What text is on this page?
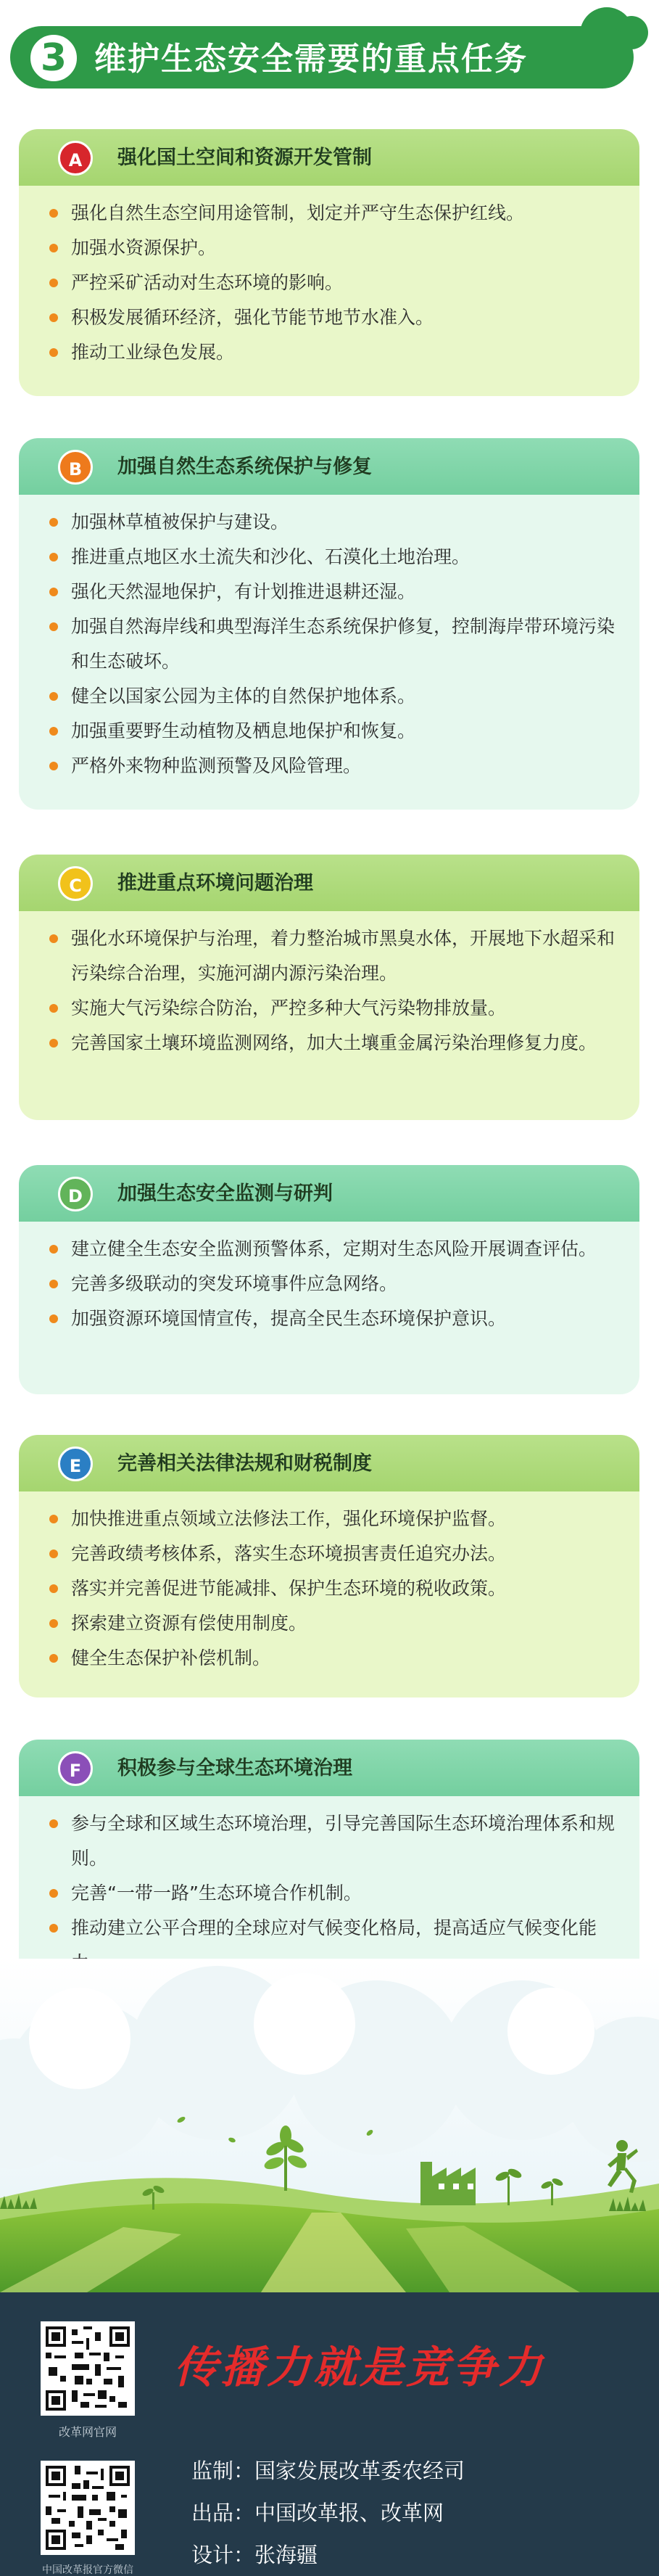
3 维护生态安全需要的重点任务
A	强化国土空间和资源开发管制
强化自然生态空间用途管制，划定并严守生态保护红线。
加强水资源保护。
严控采矿活动对生态环境的影响。
积极发展循环经济，强化节能节地节水准入。
推动工业绿色发展。
B	加强自然生态系统保护与修复
加强林草植被保护与建设。
推进重点地区水土流失和沙化、石漠化土地治理。
强化天然湿地保护，有计划推进退耕还湿。
加强自然海岸线和典型海洋生态系统保护修复，控制海岸带环境污染和生态破坏。
健全以国家公园为主体的自然保护地体系。
加强重要野生动植物及栖息地保护和恢复。
严格外来物种监测预警及风险管理。
C	推进重点环境问题治理
强化水环境保护与治理，着力整治城市黑臭水体，开展地下水超采和污染综合治理，实施河湖内源污染治理。
实施大气污染综合防治，严控多种大气污染物排放量。
完善国家土壤环境监测网络，加大土壤重金属污染治理修复力度。
D	加强生态安全监测与研判
建立健全生态安全监测预警体系，定期对生态风险开展调查评估。
完善多级联动的突发环境事件应急网络。
加强资源环境国情宣传，提高全民生态环境保护意识。
E	完善相关法律法规和财税制度
加快推进重点领域立法修法工作，强化环境保护监督。
完善政绩考核体系，落实生态环境损害责任追究办法。
落实并完善促进节能减排、保护生态环境的税收政策。
探索建立资源有偿使用制度。
健全生态保护补偿机制。
F	积极参与全球生态环境治理
参与全球和区域生态环境治理，引导完善国际生态环境治理体系和规则。
完善“一带一路”生态环境合作机制。
推动建立公平合理的全球应对气候变化格局，提高适应气候变化能
改革网官网
中国改革报官方微信
传播力就是竞争力
监制：国家发展改革委农经司
出品：中国改革报、改革网
设计：张海疆
